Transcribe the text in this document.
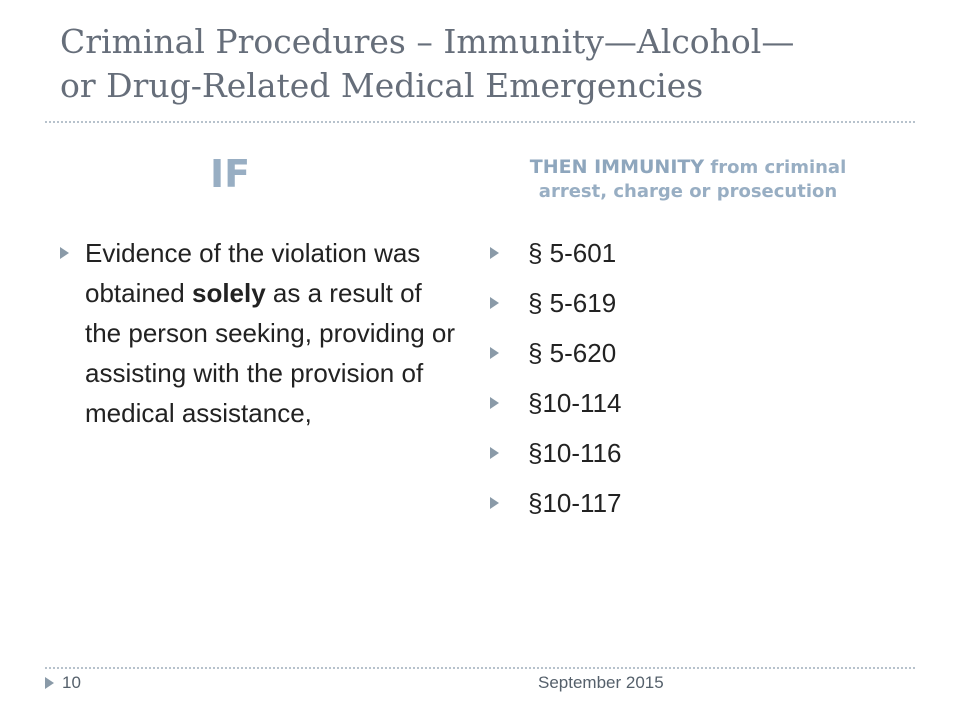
Criminal Procedures – Immunity—Alcohol—
or Drug-Related Medical Emergencies
IF	THEN IMMUNITY from criminal
arrest, charge or prosecution

Evidence of the violation was obtained solely as a result of the person seeking, providing or assisting with the provision of medical assistance,

§ 5-601
§ 5-619
§ 5-620
§10-114
§10-116
§10-117
10	September 2015
